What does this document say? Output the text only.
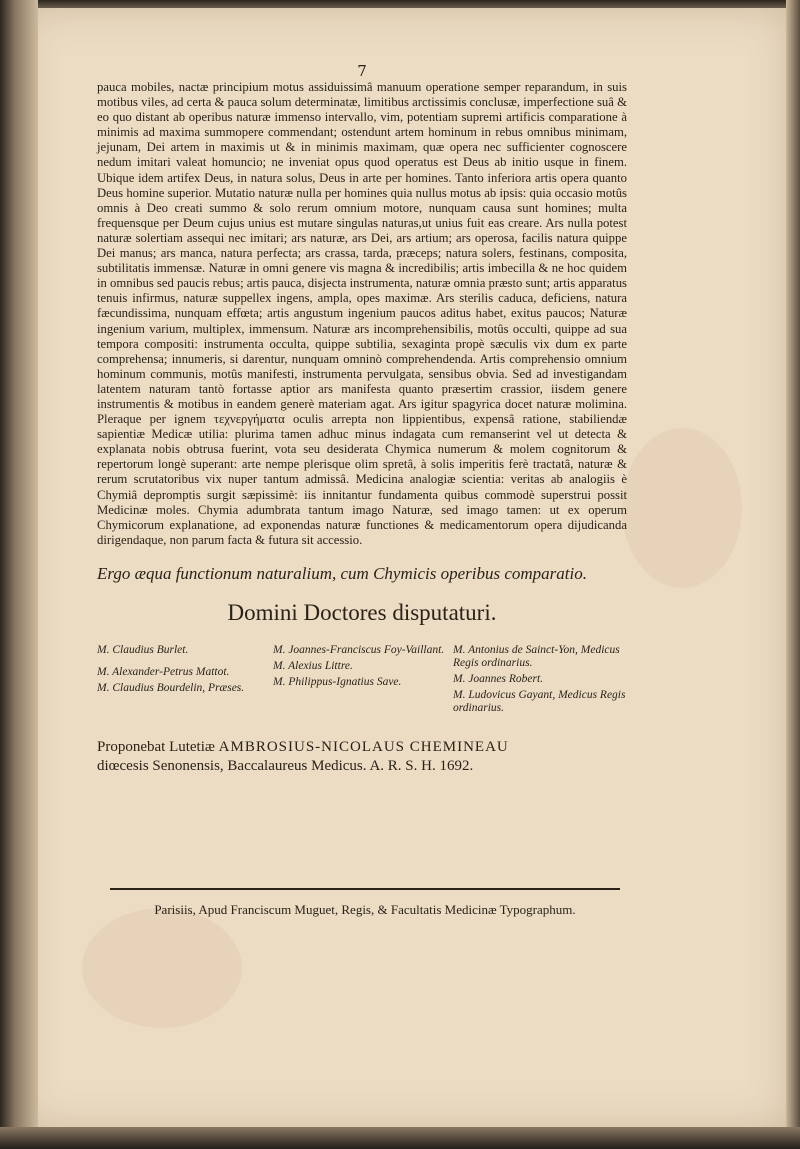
7

pauca mobiles, nactæ principium motus assiduissimâ manuum operatione semper reparandum, in suis motibus viles, ad certa & pauca solum determinatæ, limitibus arctissimis conclusæ, imperfectione suâ & eo quo distant ab operibus naturæ immenso intervallo, vim, potentiam supremi artificis comparatione à minimis ad maxima summopere commendant; ostendunt artem hominum in rebus omnibus minimam, jejunam, Dei artem in maximis ut & in minimis maximam, quæ opera nec sufficienter cognoscere nedum imitari valeat homuncio; ne inveniat opus quod operatus est Deus ab initio usque in finem. Ubique idem artifex Deus, in natura solus, Deus in arte per homines. Tanto inferiora artis opera quanto Deus homine superior. Mutatio naturæ nulla per homines quia nullus motus ab ipsis: quia occasio motûs omnis à Deo creati summo & solo rerum omnium motore, nunquam causa sunt homines; multa frequensque per Deum cujus unius est mutare singulas naturas,ut unius fuit eas creare. Ars nulla potest naturæ solertiam assequi nec imitari; ars naturæ, ars Dei, ars artium; ars operosa, facilis natura quippe Dei manus; ars manca, natura perfecta; ars crassa, tarda, præceps; natura solers, festinans, composita, subtilitatis immensæ. Naturæ in omni genere vis magna & incredibilis; artis imbecilla & ne hoc quidem in omnibus sed paucis rebus; artis pauca, disjecta instrumenta, naturæ omnia præsto sunt; artis apparatus tenuis infirmus, naturæ suppellex ingens, ampla, opes maximæ. Ars sterilis caduca, deficiens, natura fæcundissima, nunquam effœta; artis angustum ingenium paucos aditus habet, exitus paucos; Naturæ ingenium varium, multiplex, immensum. Naturæ ars incomprehensibilis, motûs occulti, quippe ad sua tempora compositi: instrumenta occulta, quippe subtilia, sexaginta propè sæculis vix dum ex parte comprehensa; innumeris, si darentur, nunquam omninò comprehendenda. Artis comprehensio omnium hominum communis, motûs manifesti, instrumenta pervulgata, sensibus obvia. Sed ad investigandam latentem naturam tantò fortasse aptior ars manifesta quanto præsertim crassior, iisdem genere instrumentis & motibus in eandem generè materiam agat. Ars igitur spagyrica docet naturæ molimina. Pleraque per ignem τεχνεργήματα oculis arrepta non lippientibus, expensâ ratione, stabiliendæ sapientiæ Medicæ utilia: plurima tamen adhuc minus indagata cum remanserint vel ut detecta & explanata nobis obtrusa fuerint, vota seu desiderata Chymica numerum & molem cognitorum & repertorum longè superant: arte nempe plerisque olim spretâ, à solis imperitis ferè tractatâ, naturæ & rerum scrutatoribus vix nuper tantum admissâ. Medicina analogiæ scientia: veritas ab analogiis è Chymiâ depromptis surgit sæpissimè: iis innitantur fundamenta quibus commodè superstrui possit Medicinæ moles. Chymia adumbrata tantum imago Naturæ, sed imago tamen: ut ex operum Chymicorum explanatione, ad exponendas naturæ functiones & medicamentorum opera dijudicanda dirigendaque, non parum facta & futura sit accessio.

Ergo æqua functionum naturalium, cum Chymicis operibus comparatio.
Domini Doctores disputaturi.
M. Claudius Burlet.
M. Alexander-Petrus Mattot.
M. Claudius Bourdelin, Præses.
M. Joannes-Franciscus Foy-Vaillant.
M. Alexius Littre.
M. Philippus-Ignatius Save.
M. Antonius de Sainct-Yon, Medicus Regis ordinarius.
M. Joannes Robert.
M. Ludovicus Gayant, Medicus Regis ordinarius.
Proponebat Lutetiæ AMBROSIUS-NICOLAUS CHEMINEAU
diœcesis Senonensis, Baccalaureus Medicus. A. R. S. H. 1692.
Parisiis, Apud Franciscum Muguet, Regis, & Facultatis Medicinæ Typographum.
